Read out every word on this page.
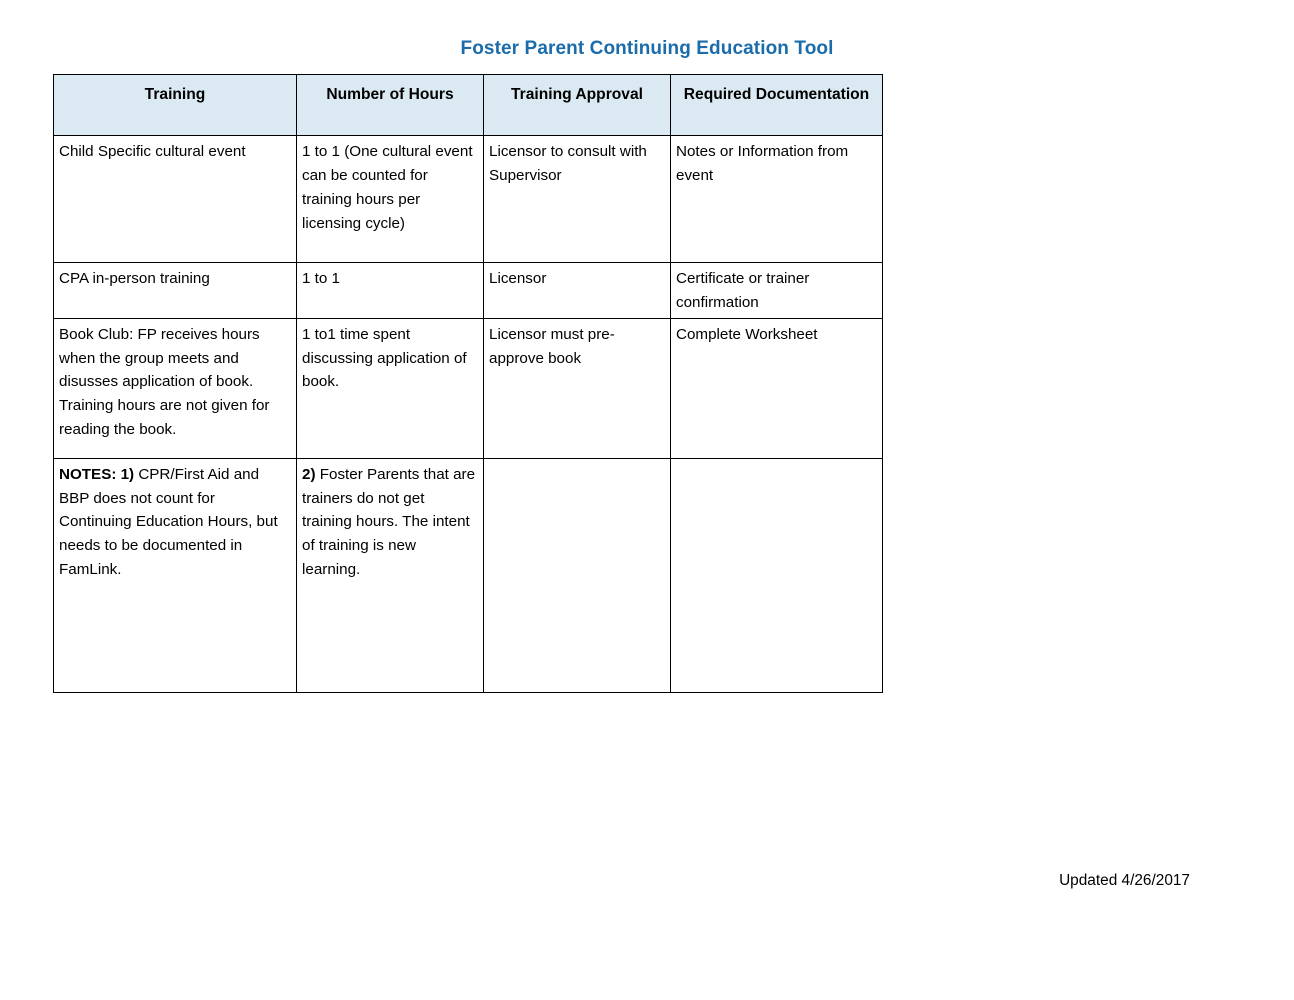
Foster Parent Continuing Education Tool
Training	Number of Hours	Training Approval	Required Documentation

Child Specific cultural event	1 to 1 (One cultural event can be counted for training hours per licensing cycle)	Licensor to consult with Supervisor	Notes or Information from event

CPA in-person training	1 to 1	Licensor	Certificate or trainer confirmation

Book Club: FP receives hours when the group meets and disusses application of book. Training hours are not given for reading the book.	1 to1 time spent discussing application of book.	Licensor must pre-approve book	Complete Worksheet

NOTES: 1) CPR/First Aid and BBP does not count for Continuing Education Hours, but needs to be documented in FamLink.	2) Foster Parents that are trainers do not get training hours. The intent of training is new learning.	

Updated 4/26/2017
